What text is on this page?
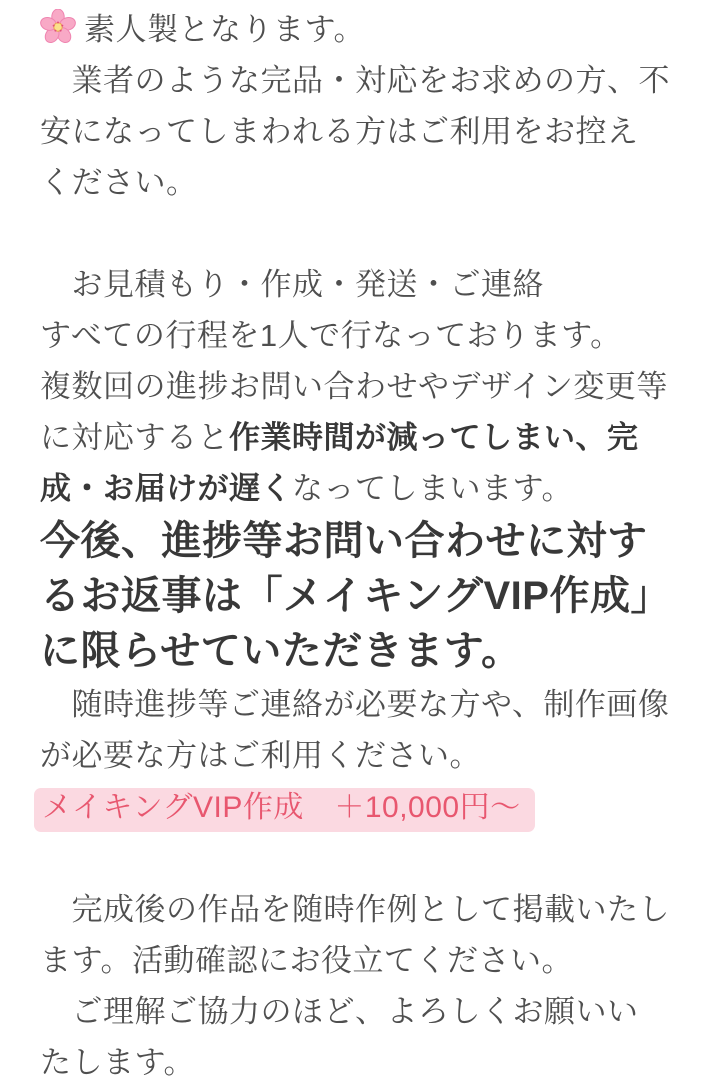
素人製となります。
　業者のような完品・対応をお求めの方、不
安になってしまわれる方はご利用をお控え
ください。
　お見積もり・作成・発送・ご連絡
すべての行程を1人で行なっております。
複数回の進捗お問い合わせやデザイン変更等
に対応すると作業時間が減ってしまい、完
成・お届けが遅くなってしまいます。
今後、進捗等お問い合わせに対す
るお返事は「メイキングVIP作成」
に限らせていただきます。
　随時進捗等ご連絡が必要な方や、制作画像
が必要な方はご利用ください。
メイキングVIP作成　＋10,000円〜
　完成後の作品を随時作例として掲載いたし
ます。活動確認にお役立てください。
　ご理解ご協力のほど、よろしくお願いい
たします。
